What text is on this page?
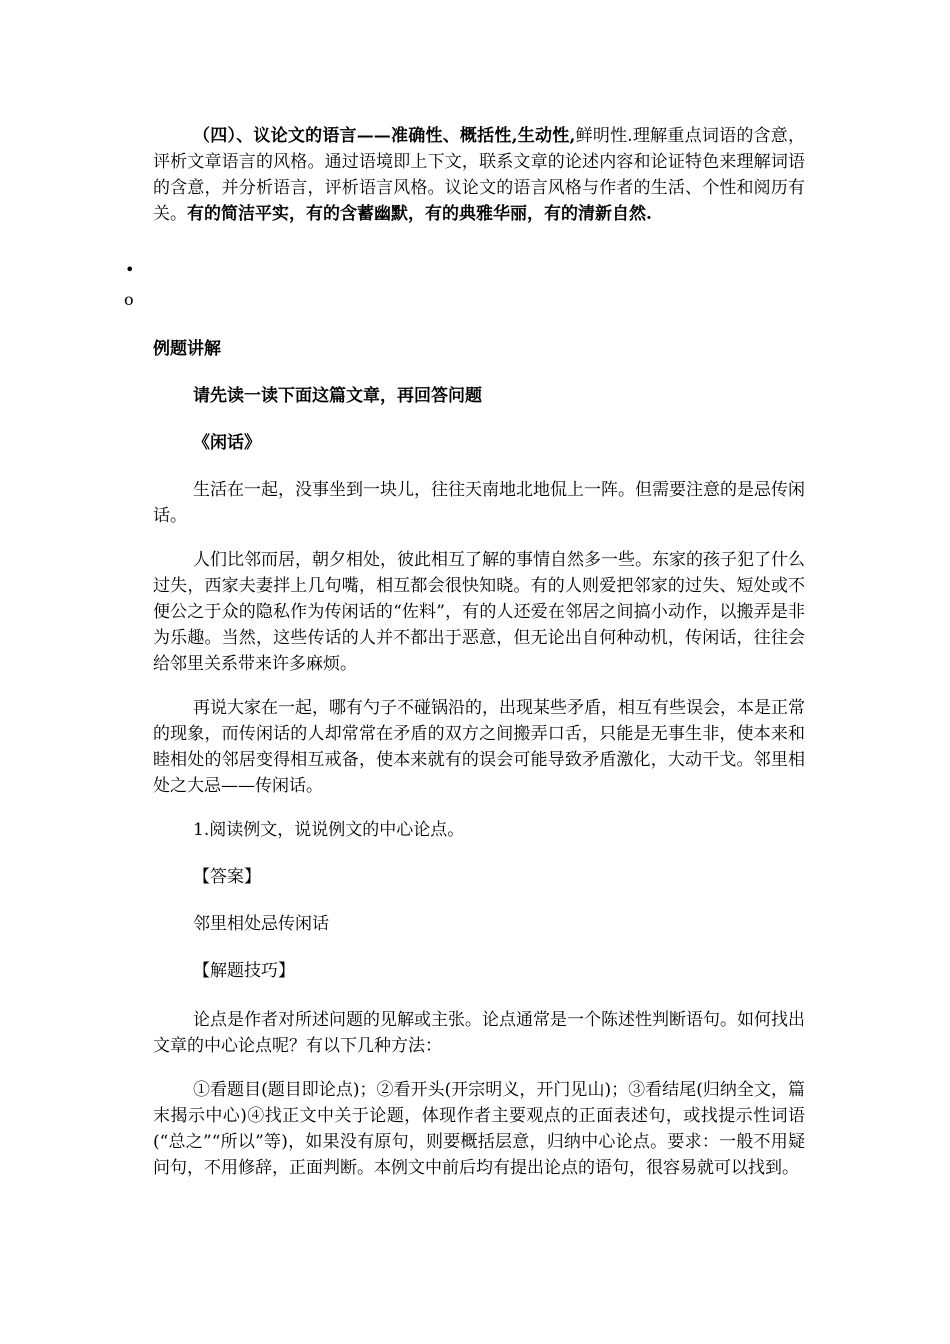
（四）、议论文的语言——准确性、概括性,生动性,鲜明性.理解重点词语的含意，评析文章语言的风格。通过语境即上下文，联系文章的论述内容和论证特色来理解词语的含意，并分析语言，评析语言风格。议论文的语言风格与作者的生活、个性和阅历有关。有的简洁平实，有的含蓄幽默，有的典雅华丽，有的清新自然.
•
o
例题讲解
请先读一读下面这篇文章，再回答问题
《闲话》
生活在一起，没事坐到一块儿，往往天南地北地侃上一阵。但需要注意的是忌传闲话。
人们比邻而居，朝夕相处，彼此相互了解的事情自然多一些。东家的孩子犯了什么过失，西家夫妻拌上几句嘴，相互都会很快知晓。有的人则爱把邻家的过失、短处或不便公之于众的隐私作为传闲话的“佐料”，有的人还爱在邻居之间搞小动作，以搬弄是非为乐趣。当然，这些传话的人并不都出于恶意，但无论出自何种动机，传闲话，往往会给邻里关系带来许多麻烦。
再说大家在一起，哪有勺子不碰锅沿的，出现某些矛盾，相互有些误会，本是正常的现象，而传闲话的人却常常在矛盾的双方之间搬弄口舌，只能是无事生非，使本来和睦相处的邻居变得相互戒备，使本来就有的误会可能导致矛盾激化，大动干戈。邻里相处之大忌——传闲话。
1.阅读例文，说说例文的中心论点。
【答案】
邻里相处忌传闲话
【解题技巧】
论点是作者对所述问题的见解或主张。论点通常是一个陈述性判断语句。如何找出文章的中心论点呢？有以下几种方法：
①看题目(题目即论点)；②看开头(开宗明义，开门见山)；③看结尾(归纳全文，篇末揭示中心)④找正文中关于论题，体现作者主要观点的正面表述句，或找提示性词语(“总之”“所以”等)，如果没有原句，则要概括层意，归纳中心论点。要求：一般不用疑问句，不用修辞，正面判断。本例文中前后均有提出论点的语句，很容易就可以找到。
